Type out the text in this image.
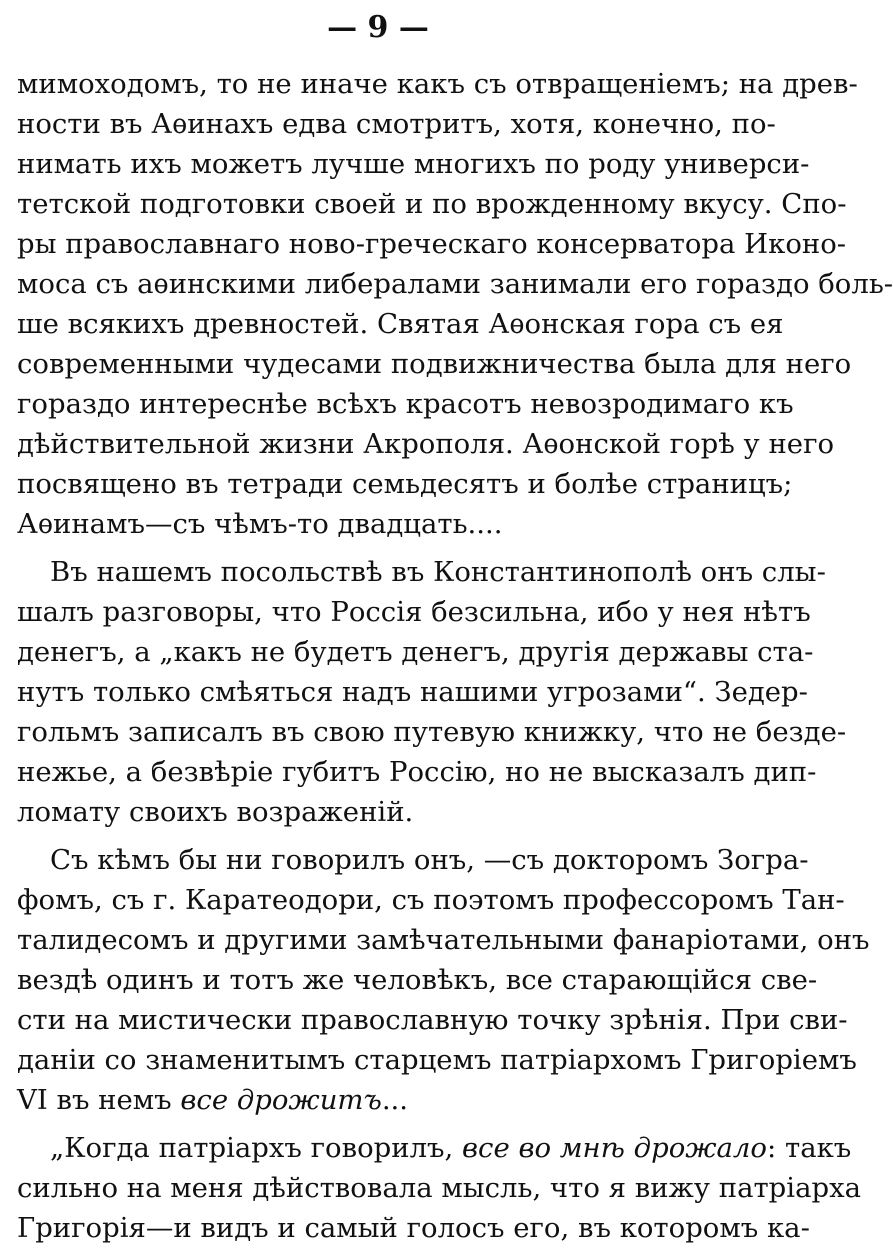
— 9 —
мимоходомъ, то не иначе какъ съ отвращеніемъ; на древ-
ности въ Аѳинахъ едва смотритъ, хотя, конечно, по-
нимать ихъ можетъ лучше многихъ по роду универси-
тетской подготовки своей и по врожденному вкусу. Спо-
ры православнаго ново-греческаго консерватора Иконо-
моса съ аѳинскими либералами занимали его гораздо боль-
ше всякихъ древностей. Святая Аѳонская гора съ ея
современными чудесами подвижничества была для него
гораздо интереснѣе всѣхъ красотъ невозродимаго къ
дѣйствительной жизни Акрополя. Аѳонской горѣ у него
посвящено въ тетради семьдесятъ и болѣе страницъ;
Аѳинамъ—съ чѣмъ-то двадцать....
Въ нашемъ посольствѣ въ Константинополѣ онъ слы-
шалъ разговоры, что Россія безсильна, ибо у нея нѣтъ
денегъ, а „какъ не будетъ денегъ, другія державы ста-
нутъ только смѣяться надъ нашими угрозами“. Зедер-
гольмъ записалъ въ свою путевую книжку, что не безде-
нежье, а безвѣріе губитъ Россію, но не высказалъ дип-
ломату своихъ возраженій.
Съ кѣмъ бы ни говорилъ онъ, —съ докторомъ Зогра-
фомъ, съ г. Каратеодори, съ поэтомъ профессоромъ Тан-
талидесомъ и другими замѣчательными фанаріотами, онъ
вездѣ одинъ и тотъ же человѣкъ, все старающійся свe-
сти на мистически православную точку зрѣнія. При сви-
даніи со знаменитымъ старцемъ патріархомъ Григоріемъ
VI въ немъ все дрожитъ...
„Когда патріархъ говорилъ, все во мнѣ дрожало: такъ
сильно на меня дѣйствовала мысль, что я вижу патріарха
Григорія—и видъ и самый голосъ его, въ которомъ ка-
